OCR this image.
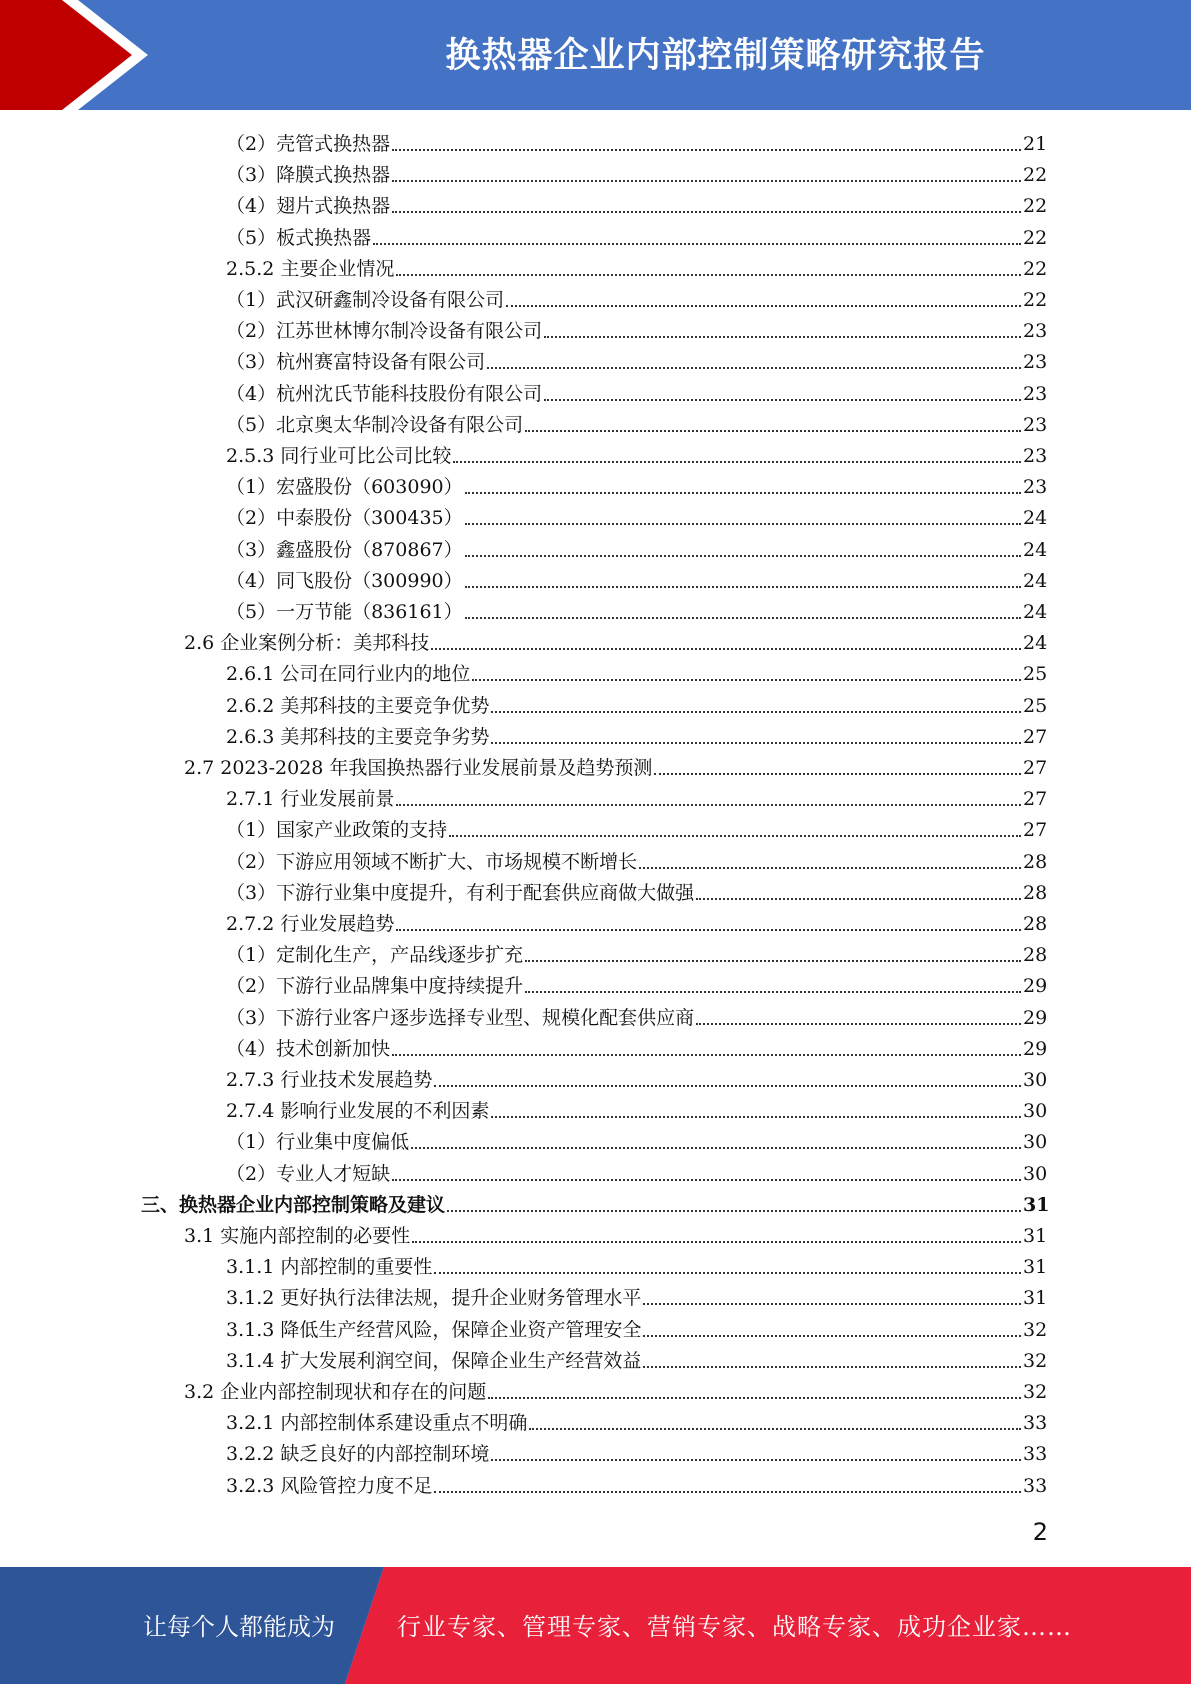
换热器企业内部控制策略研究报告
（2）壳管式换热器	21
（3）降膜式换热器	22
（4）翅片式换热器	22
（5）板式换热器	22
2.5.2 主要企业情况	22
（1）武汉研鑫制冷设备有限公司	22
（2）江苏世林博尔制冷设备有限公司	23
（3）杭州赛富特设备有限公司	23
（4）杭州沈氏节能科技股份有限公司	23
（5）北京奥太华制冷设备有限公司	23
2.5.3 同行业可比公司比较	23
（1）宏盛股份（603090）	23
（2）中泰股份（300435）	24
（3）鑫盛股份（870867）	24
（4）同飞股份（300990）	24
（5）一万节能（836161）	24
2.6 企业案例分析：美邦科技	24
2.6.1 公司在同行业内的地位	25
2.6.2 美邦科技的主要竞争优势	25
2.6.3 美邦科技的主要竞争劣势	27
2.7 2023-2028 年我国换热器行业发展前景及趋势预测	27
2.7.1 行业发展前景	27
（1）国家产业政策的支持	27
（2）下游应用领域不断扩大、市场规模不断增长	28
（3）下游行业集中度提升，有利于配套供应商做大做强	28
2.7.2 行业发展趋势	28
（1）定制化生产，产品线逐步扩充	28
（2）下游行业品牌集中度持续提升	29
（3）下游行业客户逐步选择专业型、规模化配套供应商	29
（4）技术创新加快	29
2.7.3 行业技术发展趋势	30
2.7.4 影响行业发展的不利因素	30
（1）行业集中度偏低	30
（2）专业人才短缺	30
三、换热器企业内部控制策略及建议	31
3.1 实施内部控制的必要性	31
3.1.1 内部控制的重要性	31
3.1.2 更好执行法律法规，提升企业财务管理水平	31
3.1.3 降低生产经营风险，保障企业资产管理安全	32
3.1.4 扩大发展利润空间，保障企业生产经营效益	32
3.2 企业内部控制现状和存在的问题	32
3.2.1 内部控制体系建设重点不明确	33
3.2.2 缺乏良好的内部控制环境	33
3.2.3 风险管控力度不足	33
2
让每个人都能成为	行业专家、管理专家、营销专家、战略专家、成功企业家……
